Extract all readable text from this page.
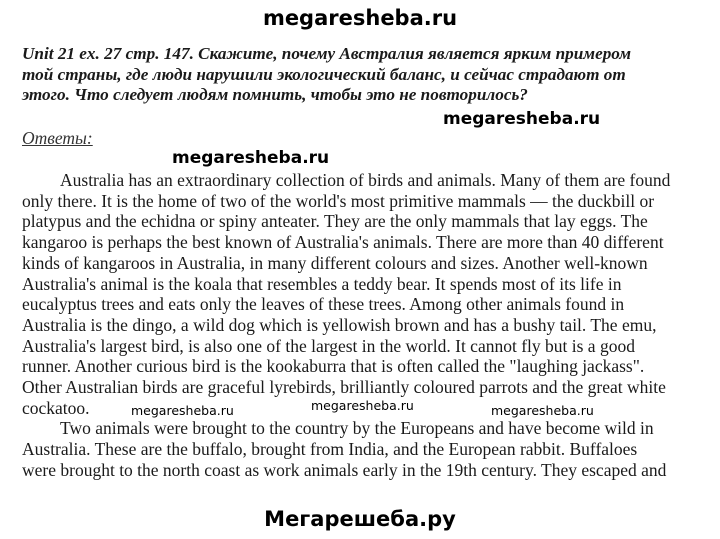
megaresheba.ru
Unit 21 ex. 27 стр. 147. Скажите, почему Австралия является ярким примером
той страны, где люди нарушили экологический баланс, и сейчас страдают от
этого. Что следует людям помнить, чтобы это не повторилось?
megaresheba.ru
Ответы:
megaresheba.ru
Australia has an extraordinary collection of birds and animals. Many of them are found
only there. It is the home of two of the world's most primitive mammals — the duckbill or
platypus and the echidna or spiny anteater. They are the only mammals that lay eggs. The
kangaroo is perhaps the best known of Australia's animals. There are more than 40 different
kinds of kangaroos in Australia, in many different colours and sizes. Another well-known
Australia's animal is the koala that resembles a teddy bear. It spends most of its life in
eucalyptus trees and eats only the leaves of these trees. Among other animals found in
Australia is the dingo, a wild dog which is yellowish brown and has a bushy tail. The emu,
Australia's largest bird, is also one of the largest in the world. It cannot fly but is a good
runner. Another curious bird is the kookaburra that is often called the "laughing jackass".
Other Australian birds are graceful lyrebirds, brilliantly coloured parrots and the great white
cockatoo.
Two animals were brought to the country by the Europeans and have become wild in
Australia. These are the buffalo, brought from India, and the European rabbit. Buffaloes
were brought to the north coast as work animals early in the 19th century. They escaped and
megaresheba.ru	megaresheba.ru	megaresheba.ru
Мегарешеба.ру
